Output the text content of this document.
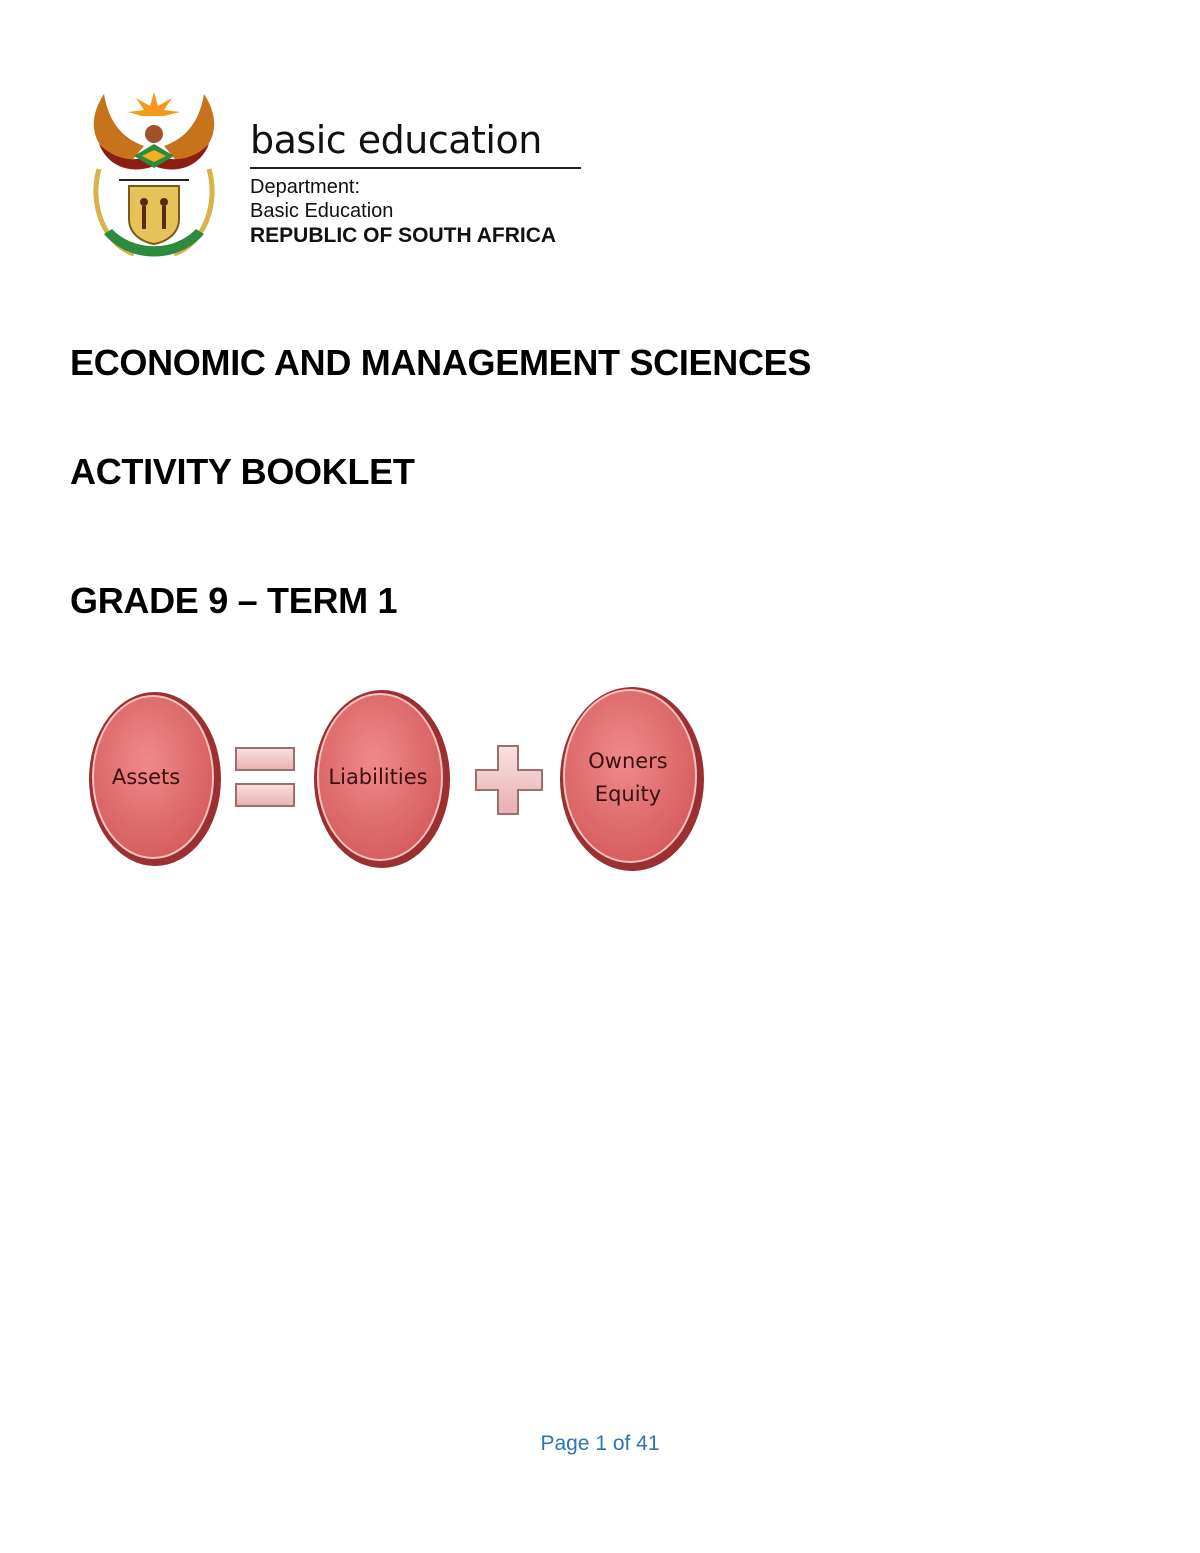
basic education
Department:
Basic Education
REPUBLIC OF SOUTH AFRICA
ECONOMIC AND MANAGEMENT SCIENCES
ACTIVITY BOOKLET
GRADE 9 – TERM 1
Assets	Liabilities
Owners
Equity
Page 1 of 41
